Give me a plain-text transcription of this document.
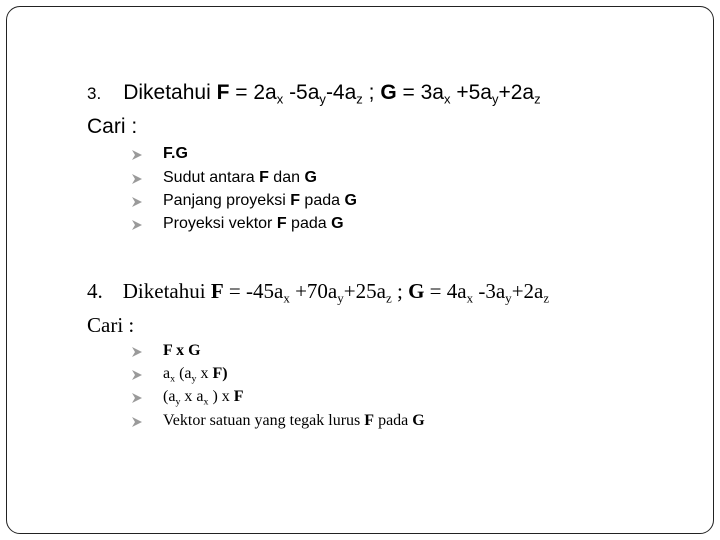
3. Diketahui $F = 2a_x$ $-5a_y-4a_z$ ; $G = 3a_x +5a_y+2a_z$
Cari :
F.G
Sudut antara F dan G
Panjang proyeksi F pada G
Proyeksi vektor F pada G
4. Diketahui $F = -45a_x +70a_y+25a_z$ ; $G = 4a_x$ $-3a_y+2a_z$
Cari :
F x G
$a_x$ ($a_y$ x F)
($a_y$ x $a_x$ ) x F
Vektor satuan yang tegak lurus F pada G
